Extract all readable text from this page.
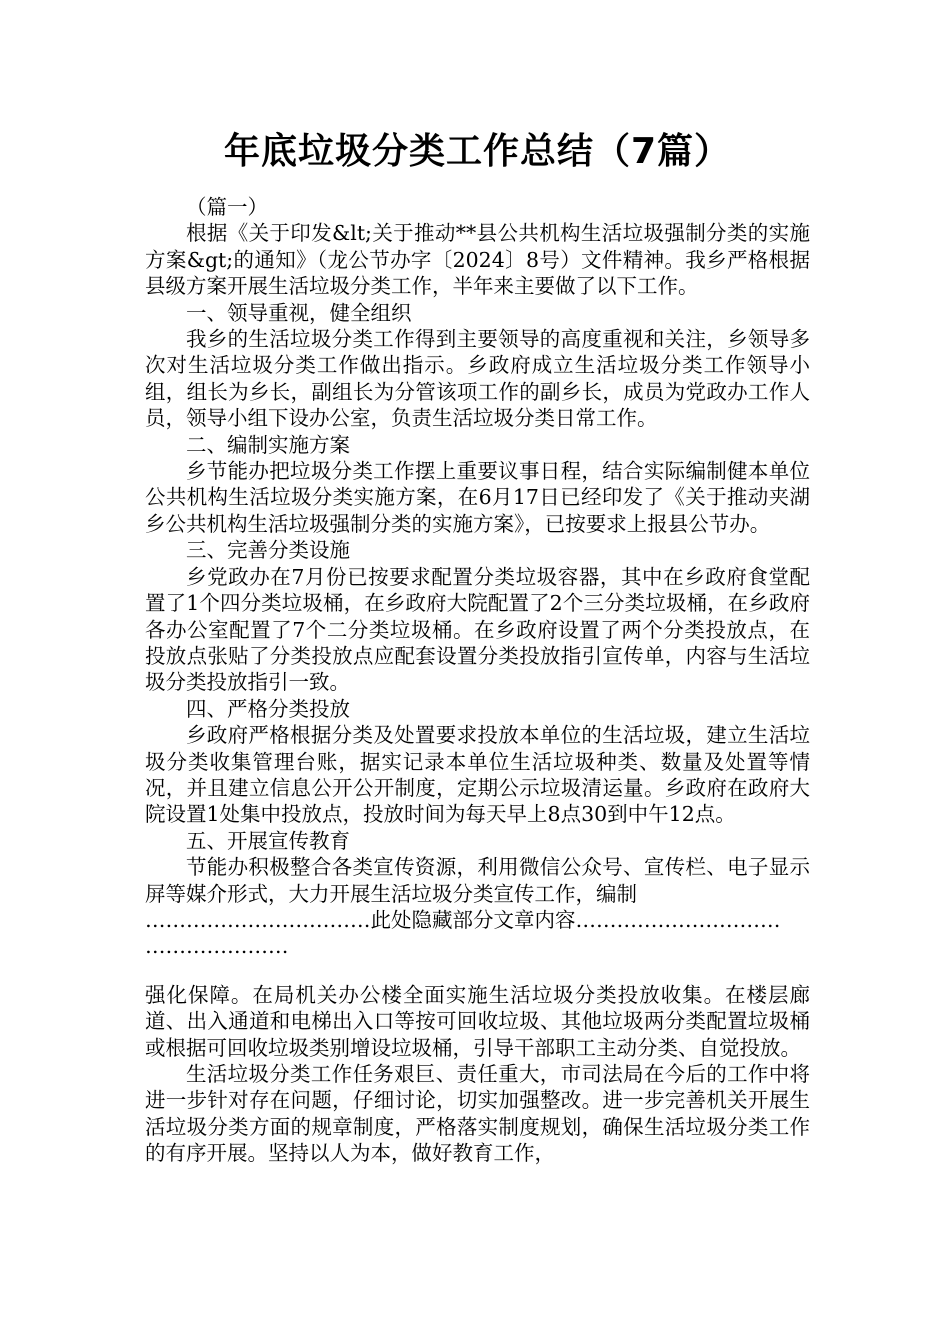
年底垃圾分类工作总结（7篇）

（篇一）

根据《关于印发&lt;关于推动**县公共机构生活垃圾强制分类的实施方案&gt;的通知》（龙公节办字〔2024〕8号）文件精神。我乡严格根据县级方案开展生活垃圾分类工作，半年来主要做了以下工作。

一、领导重视，健全组织

我乡的生活垃圾分类工作得到主要领导的高度重视和关注，乡领导多次对生活垃圾分类工作做出指示。乡政府成立生活垃圾分类工作领导小组，组长为乡长，副组长为分管该项工作的副乡长，成员为党政办工作人员，领导小组下设办公室，负责生活垃圾分类日常工作。

二、编制实施方案

乡节能办把垃圾分类工作摆上重要议事日程，结合实际编制健本单位公共机构生活垃圾分类实施方案，在6月17日已经印发了《关于推动夹湖乡公共机构生活垃圾强制分类的实施方案》，已按要求上报县公节办。

三、完善分类设施

乡党政办在7月份已按要求配置分类垃圾容器，其中在乡政府食堂配置了1个四分类垃圾桶，在乡政府大院配置了2个三分类垃圾桶，在乡政府各办公室配置了7个二分类垃圾桶。在乡政府设置了两个分类投放点，在投放点张贴了分类投放点应配套设置分类投放指引宣传单，内容与生活垃圾分类投放指引一致。

四、严格分类投放

乡政府严格根据分类及处置要求投放本单位的生活垃圾，建立生活垃圾分类收集管理台账，据实记录本单位生活垃圾种类、数量及处置等情况，并且建立信息公开公开制度，定期公示垃圾清运量。乡政府在政府大院设置1处集中投放点，投放时间为每天早上8点30到中午12点。

五、开展宣传教育

节能办积极整合各类宣传资源，利用微信公众号、宣传栏、电子显示屏等媒介形式，大力开展生活垃圾分类宣传工作，编制

……………………………此处隐藏部分文章内容…………………………
…………………

强化保障。在局机关办公楼全面实施生活垃圾分类投放收集。在楼层廊道、出入通道和电梯出入口等按可回收垃圾、其他垃圾两分类配置垃圾桶或根据可回收垃圾类别增设垃圾桶，引导干部职工主动分类、自觉投放。

生活垃圾分类工作任务艰巨、责任重大，市司法局在今后的工作中将进一步针对存在问题，仔细讨论，切实加强整改。进一步完善机关开展生活垃圾分类方面的规章制度，严格落实制度规划，确保生活垃圾分类工作的有序开展。坚持以人为本，做好教育工作，
